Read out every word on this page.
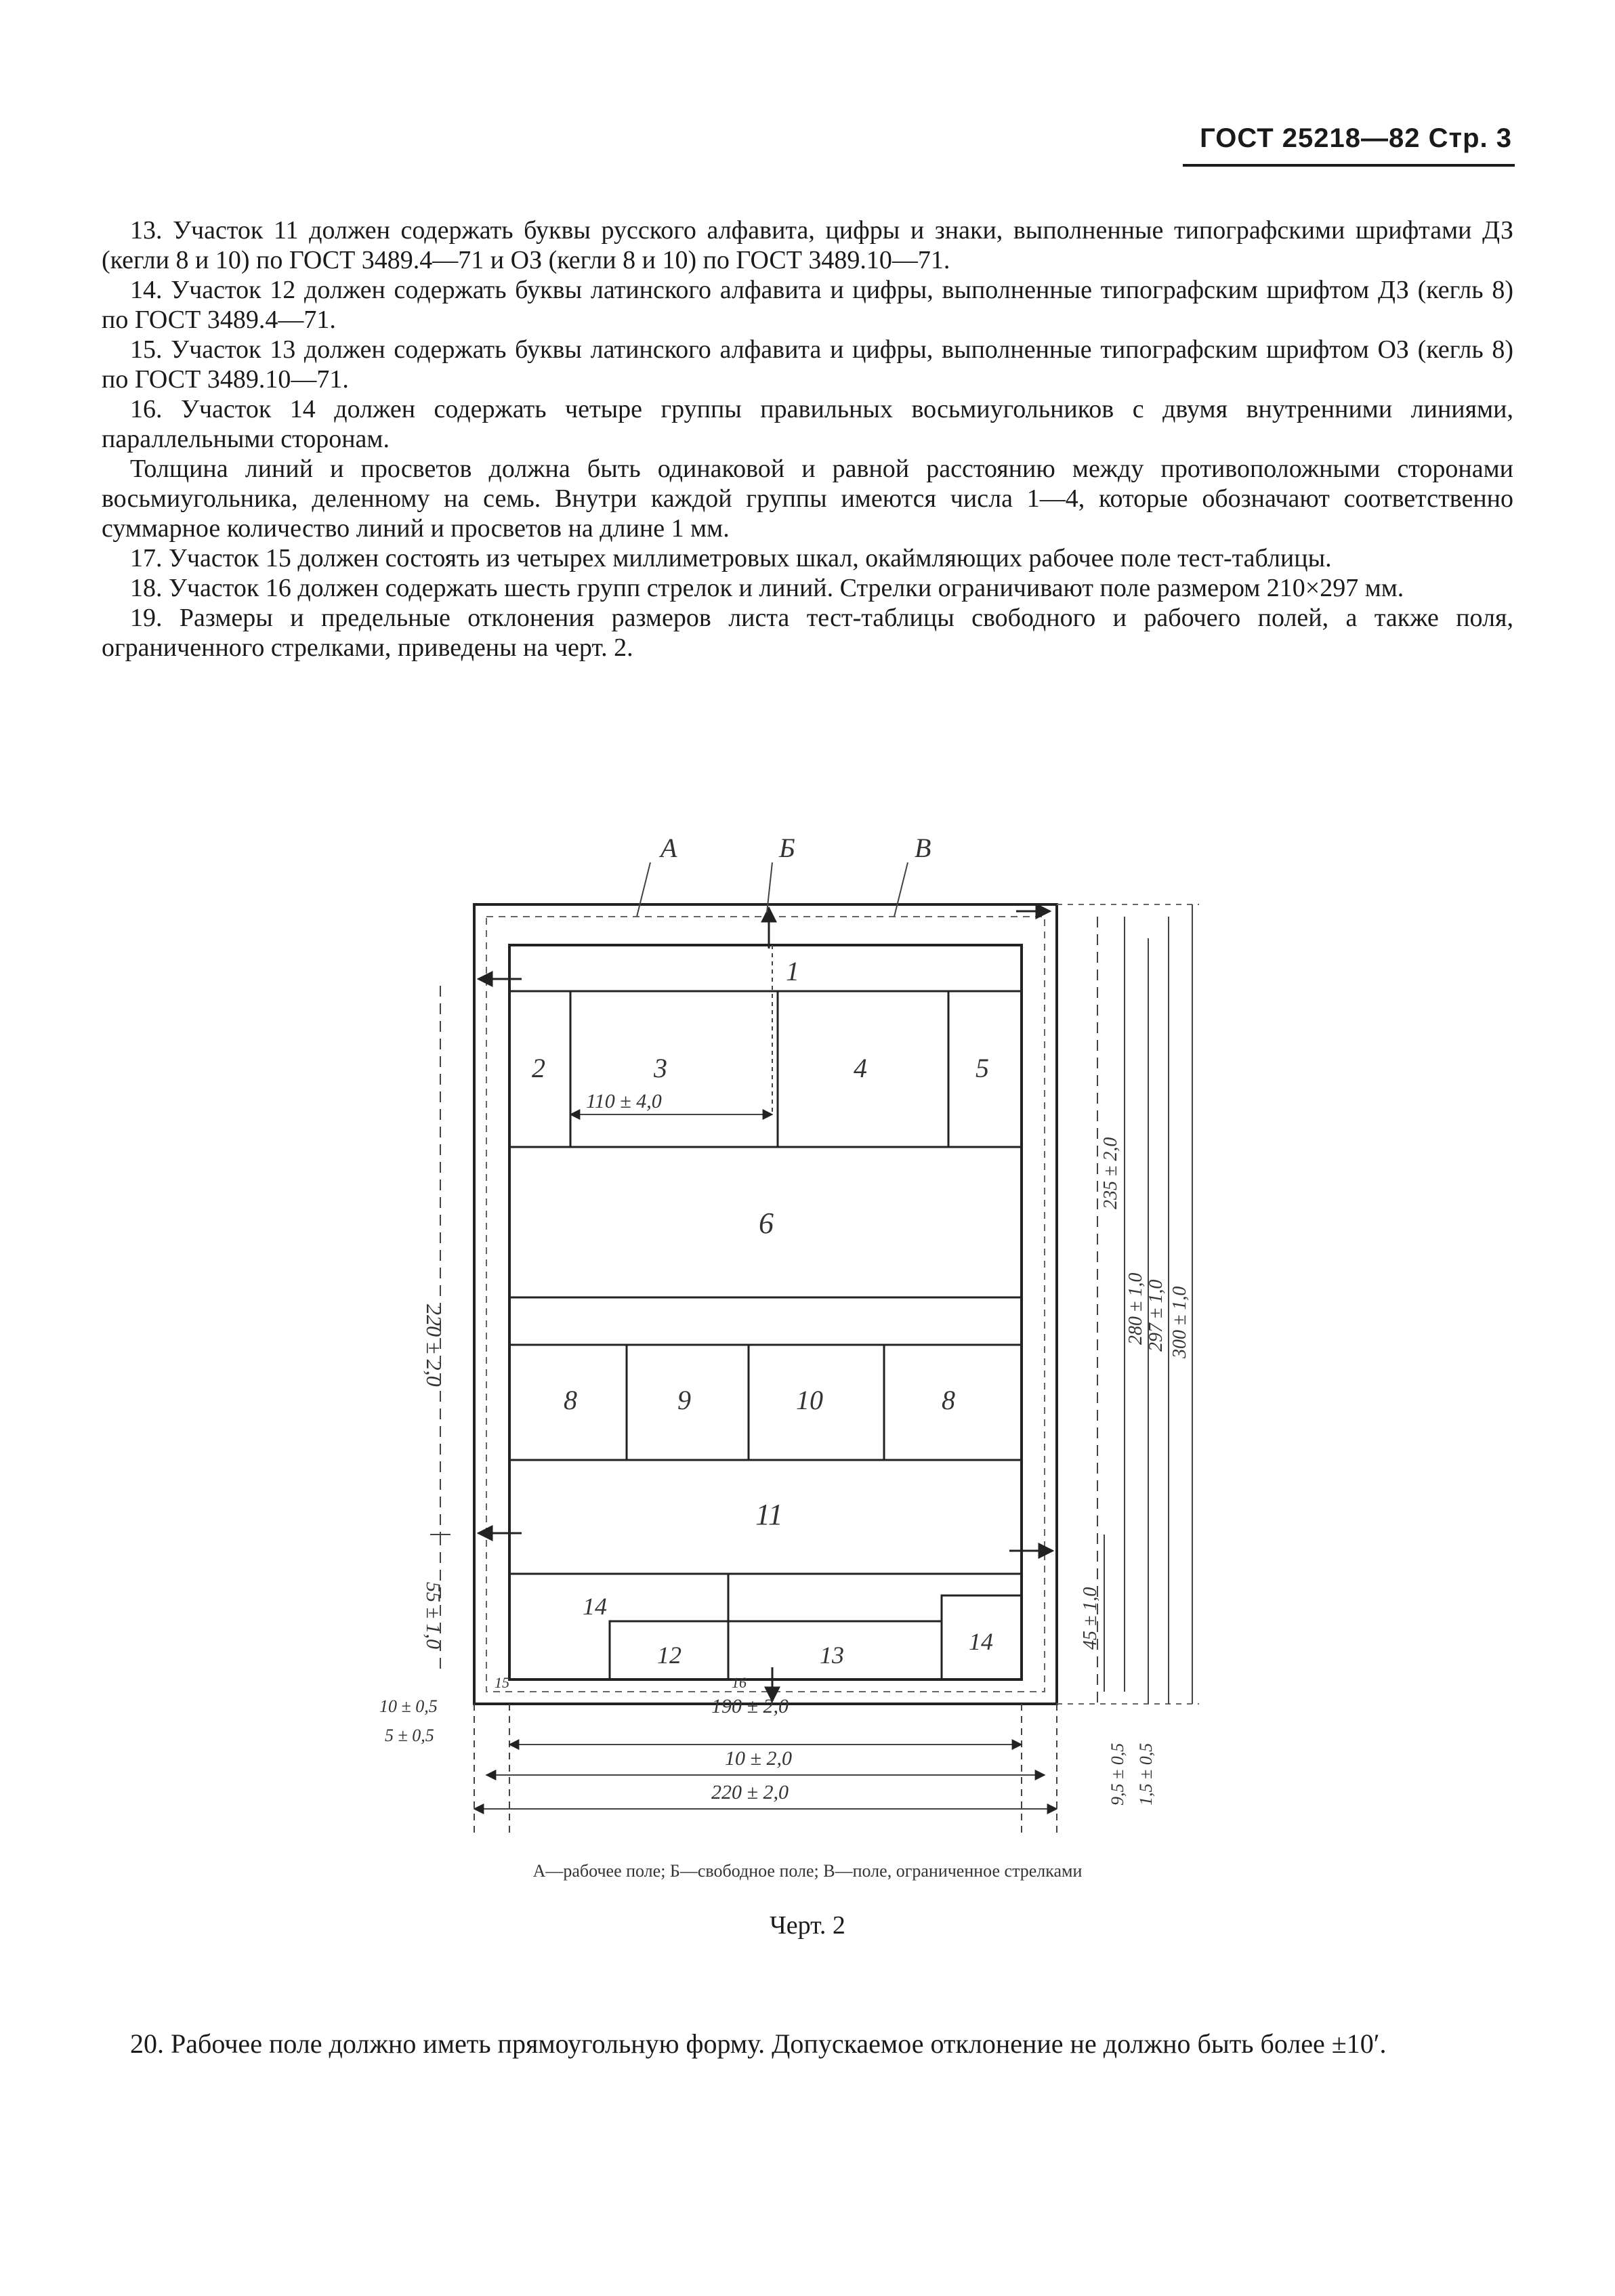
ГОСТ 25218—82 Стр. 3

13. Участок 11 должен содержать буквы русского алфавита, цифры и знаки, выполненные типографскими шрифтами ДЗ (кегли 8 и 10) по ГОСТ 3489.4—71 и ОЗ (кегли 8 и 10) по ГОСТ 3489.10—71.

14. Участок 12 должен содержать буквы латинского алфавита и цифры, выполненные типографским шрифтом ДЗ (кегль 8) по ГОСТ 3489.4—71.

15. Участок 13 должен содержать буквы латинского алфавита и цифры, выполненные типографским шрифтом ОЗ (кегль 8) по ГОСТ 3489.10—71.

16. Участок 14 должен содержать четыре группы правильных восьмиугольников с двумя внутренними линиями, параллельными сторонам.

Толщина линий и просветов должна быть одинаковой и равной расстоянию между противоположными сторонами восьмиугольника, деленному на семь. Внутри каждой группы имеются числа 1—4, которые обозначают соответственно суммарное количество линий и просветов на длине 1 мм.

17. Участок 15 должен состоять из четырех миллиметровых шкал, окаймляющих рабочее поле тест-таблицы.

18. Участок 16 должен содержать шесть групп стрелок и линий. Стрелки ограничивают поле размером 210×297 мм.

19. Размеры и предельные отклонения размеров листа тест-таблицы свободного и рабочего полей, а также поля, ограниченного стрелками, приведены на черт. 2.

А	Б	В
1
2	3	4	5
6
8	9	10	8
11
14
12	13	14
15	16
110 ± 4,0
220 ± 2,0
55 ± 1,0
235 ± 2,0
280 ± 1,0 297 ± 1,0 300 ± 1,0
45 ± 1,0
9,5 ± 0,5 1,5 ± 0,5
10 ± 0,5
5 ± 0,5
190 ± 2,0
10 ± 2,0
220 ± 2,0
А—рабочее поле; Б—свободное поле; В—поле, ограниченное стрелками
Черт. 2

20. Рабочее поле должно иметь прямоугольную форму. Допускаемое отклонение не должно быть более ±10′.
